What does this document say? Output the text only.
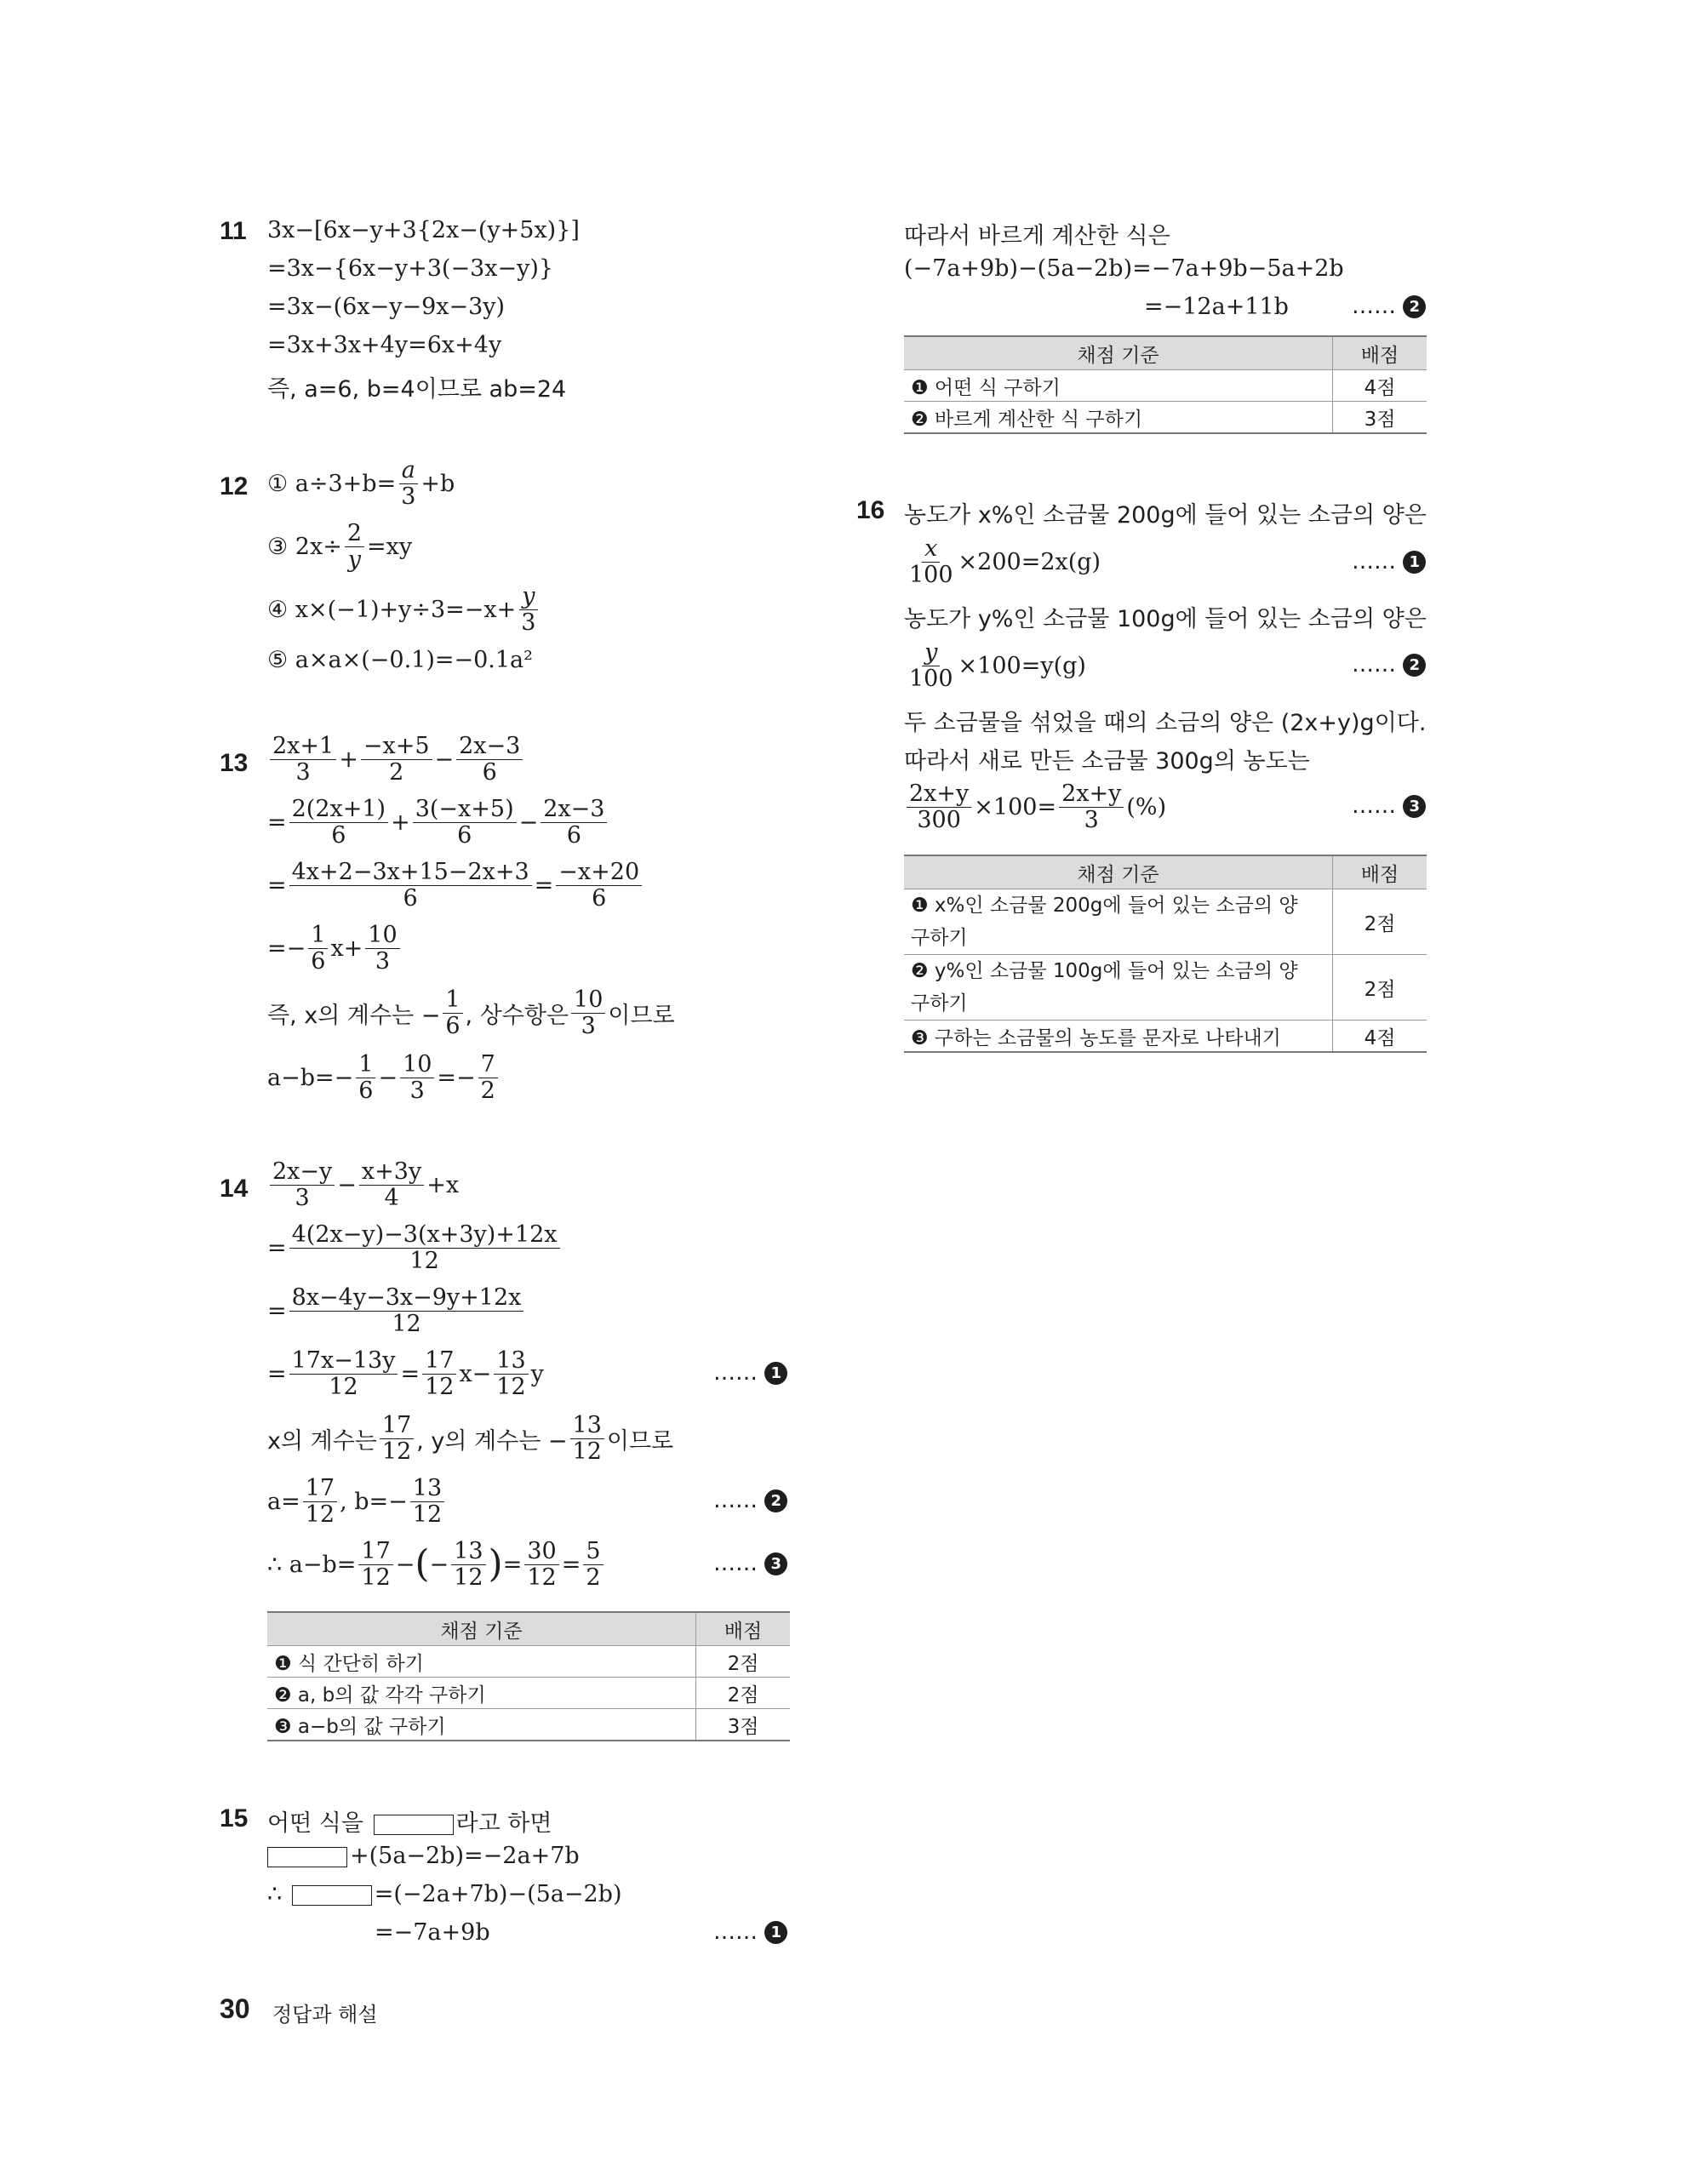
11 3x−[6x−y+3{2x−(y+5x)}]
=3x−{6x−y+3(−3x−y)}
=3x−(6x−y−9x−3y)
=3x+3x+4y=6x+4y
즉, a=6, b=4이므로 ab=24
12 ① $a\div 3+b= \frac{a}{3} +b$
③ $2x\div \frac{2}{y} =xy$
④ $x\times(-1)+y\div 3=-x+ \frac{y}{3}$
⑤ a×a×(−0.1)=−0.1a²
$13 \frac{2x+1}{3} + \frac{-x+5}{2} - \frac{2x-3}{6}$
= $\frac{2(2x+1)}{6} + \frac{3(-x+5)}{6} - \frac{2x-3}{6}$
= $\frac{4x+2-3x+15-2x+3}{6} = \frac{-x+20}{6}$
=− $\frac{1}{6} x+ \frac{10}{3}$
즉, x의 계수는 − $\frac{1}{6}$ , 상수항은 $\frac{10}{3}$ 이므로
$a-b=- \frac{1}{6} - \frac{10}{3} =- \frac{7}{2}$
$14 \frac{2x-y}{3} - \frac{x+3y}{4} +x$
= $\frac{4(2x-y)-3(x+3y)+12x}{12}$
= $\frac{8x-4y-3x-9y+12x}{12}$
= $\frac{17x-13y}{12} = \frac{17}{12} x- \frac{13}{12}$ y	…… 1
x의 계수는 $\frac{17}{12}$ , y의 계수는 − $\frac{13}{12}$ 이므로
$a= \frac{17}{12}$ , $b=- \frac{13}{12}$	…… 2
∴ $a-b= \frac{17}{12}$ − ( − $\frac{13}{12}$ ) = $\frac{30}{12} = \frac{5}{2}$	…… 3
채점 기준	배점
❶ 식 간단히 하기	2점
❷ a, b의 값 각각 구하기	2점
❸ a−b의 값 구하기	3점
15 어떤 식을	라고 하면
+(5a−2b)=−2a+7b
∴	=(−2a+7b)−(5a−2b)
=−7a+9b	…… 1
30 정답과 해설
따라서 바르게 계산한 식은
(−7a+9b)−(5a−2b)=−7a+9b−5a+2b
=−12a+11b	…… 2
채점 기준	배점
❶ 어떤 식 구하기	4점
❷ 바르게 계산한 식 구하기	3점
16 농도가 x%인 소금물 200g에 들어 있는 소금의 양은
$\frac{x}{100} \times 200=2x(g)$	…… 1
농도가 y%인 소금물 100g에 들어 있는 소금의 양은
$\frac{y}{100} \times 100=y(g)$	…… 2
두 소금물을 섞었을 때의 소금의 양은 (2x+y)g이다.
따라서 새로 만든 소금물 300g의 농도는
$\frac{2x+y}{300} \times 100= \frac{2x+y}{3}$ (%)	…… 3
채점 기준	배점
❶ x%인 소금물 200g에 들어 있는 소금의 양 구하기	2점
❷ y%인 소금물 100g에 들어 있는 소금의 양 구하기	2점
❸ 구하는 소금물의 농도를 문자로 나타내기	4점
